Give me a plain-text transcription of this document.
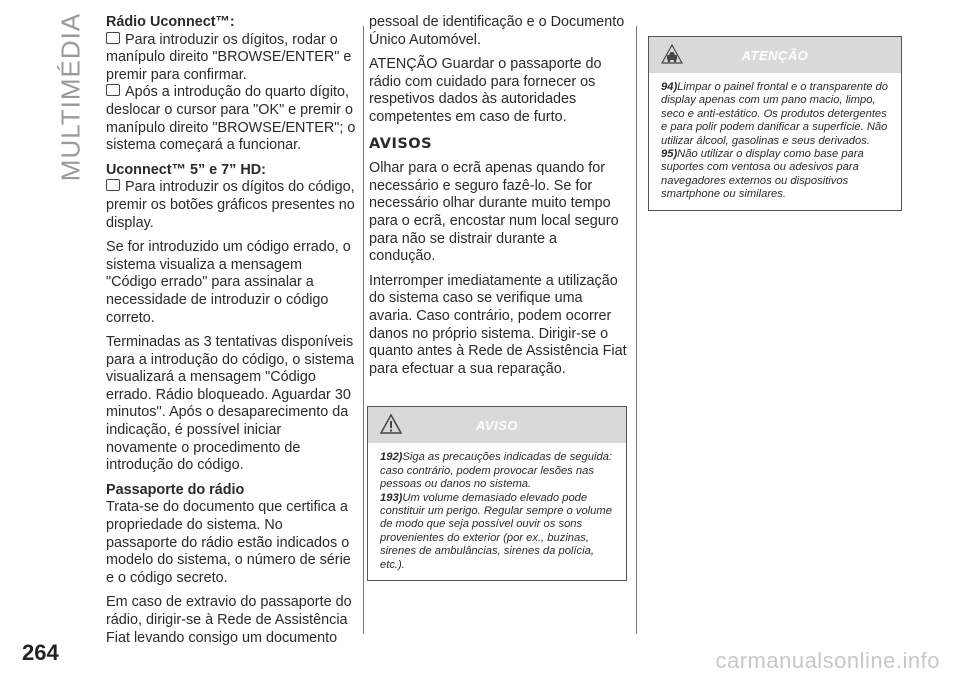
MULTIMÉDIA Rádio Uconnect™:

Para introduzir os dígitos, rodar o manípulo direito "BROWSE/ENTER" e premir para confirmar.

Após a introdução do quarto dígito, deslocar o cursor para "OK" e premir o manípulo direito "BROWSE/ENTER"; o sistema começará a funcionar.

Uconnect™ 5” e 7” HD:

Para introduzir os dígitos do código, premir os botões gráficos presentes no display.

Se for introduzido um código errado, o sistema visualiza a mensagem "Código errado" para assinalar a necessidade de introduzir o código correto.

Terminadas as 3 tentativas disponíveis para a introdução do código, o sistema visualizará a mensagem "Código errado. Rádio bloqueado. Aguardar 30 minutos''. Após o desaparecimento da indicação, é possível iniciar novamente o procedimento de introdução do código.

Passaporte do rádio

Trata-se do documento que certifica a propriedade do sistema. No passaporte do rádio estão indicados o modelo do sistema, o número de série e o código secreto.

Em caso de extravio do passaporte do rádio, dirigir-se à Rede de Assistência Fiat levando consigo um documento

pessoal de identificação e o Documento Único Automóvel.

ATENÇÃO Guardar o passaporte do rádio com cuidado para fornecer os respetivos dados às autoridades competentes em caso de furto.

AVISOS

Olhar para o ecrã apenas quando for necessário e seguro fazê-lo. Se for necessário olhar durante muito tempo para o ecrã, encostar num local seguro para não se distrair durante a condução.

Interromper imediatamente a utilização do sistema caso se verifique uma avaria. Caso contrário, podem ocorrer danos no próprio sistema. Dirigir-se o quanto antes à Rede de Assistência Fiat para efectuar a sua reparação.

AVISO

192)Siga as precauções indicadas de seguida: caso contrário, podem provocar lesões nas pessoas ou danos no sistema.

193)Um volume demasiado elevado pode constituir um perigo. Regular sempre o volume de modo que seja possível ouvir os sons provenientes do exterior (por ex., buzinas, sirenes de ambulâncias, sirenes da polícia, etc.).

ATENÇÃO

94)Limpar o painel frontal e o transparente do display apenas com um pano macio, limpo, seco e anti-estático. Os produtos detergentes e para polir podem danificar a superfície. Não utilizar álcool, gasolinas e seus derivados.

95)Não utilizar o display como base para suportes com ventosa ou adesivos para navegadores externos ou dispositivos smartphone ou similares.

264	carmanualsonline.info
